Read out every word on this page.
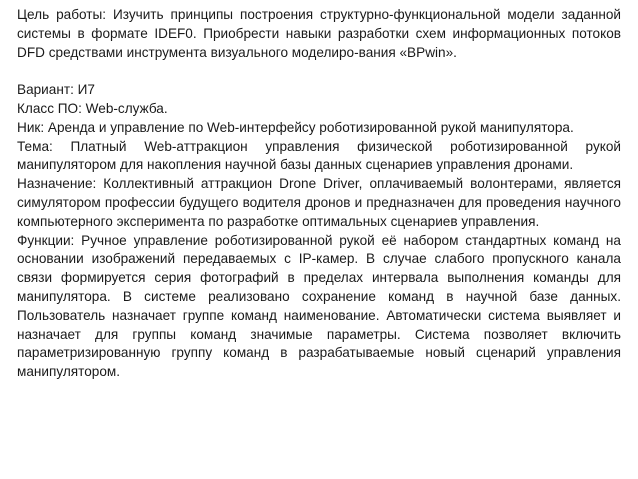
Цель работы: Изучить принципы построения структурно-функциональной модели заданной системы в формате IDEF0. Приобрести навыки разработки схем информационных потоков DFD средствами инструмента визуального моделиро-вания «BPwin».

Вариант: И7

Класс ПО: Web-служба.

Ник: Аренда и управление по Web-интерфейсу роботизированной рукой манипулятора.

Тема: Платный Web-аттракцион управления физической роботизированной рукой манипулятором для накопления научной базы данных сценариев управления дронами.

Назначение: Коллективный аттракцион Drone Driver, оплачиваемый волонтерами, является симулятором профессии будущего водителя дронов и предназначен для проведения научного компьютерного эксперимента по разработке оптимальных сценариев управления.

Функции: Ручное управление роботизированной рукой её набором стандартных команд на основании изображений передаваемых с IP-камер. В случае слабого пропускного канала связи формируется серия фотографий в пределах интервала выполнения команды для манипулятора. В системе реализовано сохранение команд в научной базе данных. Пользователь назначает группе команд наименование. Автоматически система выявляет и назначает для группы команд значимые параметры. Система позволяет включить параметризированную группу команд в разрабатываемые новый сценарий управления манипулятором.
